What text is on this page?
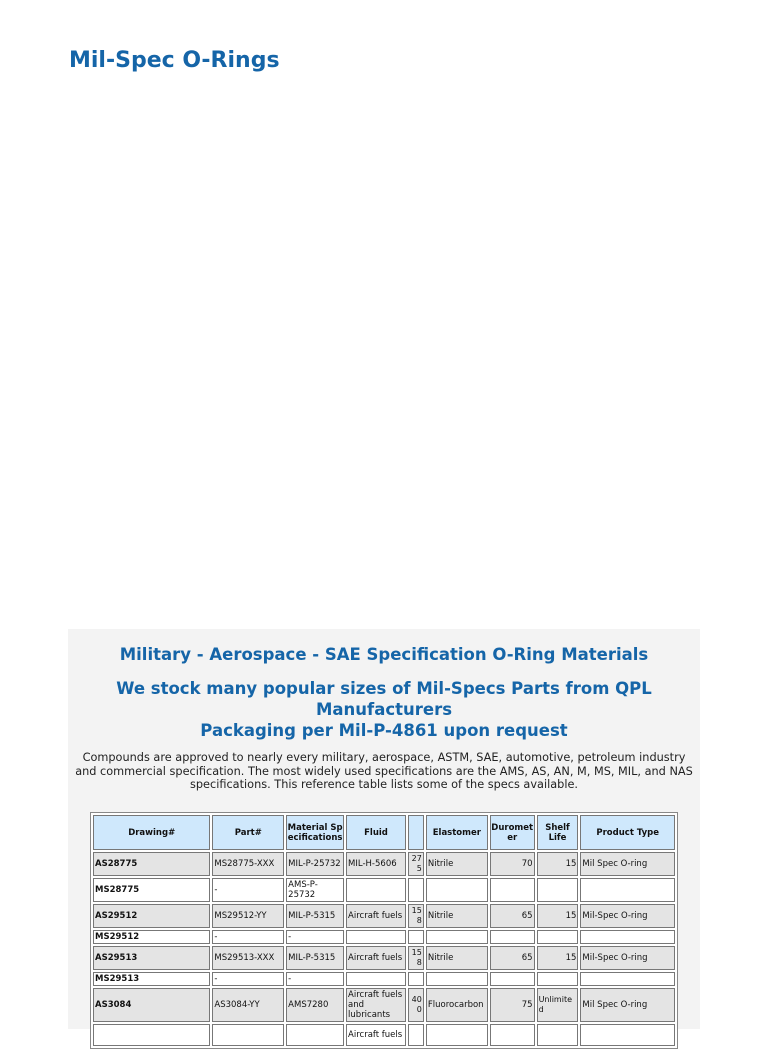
Mil-Spec O-Rings
Military - Aerospace - SAE Specification O-Ring Materials
We stock many popular sizes of Mil-Specs Parts from QPL Manufacturers
Packaging per Mil-P-4861 upon request

Compounds are approved to nearly every military, aerospace, ASTM, SAE, automotive, petroleum industry and commercial specification. The most widely used specifications are the AMS, AS, AN, M, MS, MIL, and NAS specifications. This reference table lists some of the specs available.

Drawing#	Part#	Material Specifications	Fluid		Elastomer	Durometer	Shelf Life	Product Type
AS28775	MS28775-XXX	MIL-P-25732	MIL-H-5606	275	Nitrile	70	15	Mil Spec O-ring
MS28775	-	AMS-P-25732						
AS29512	MS29512-YY	MIL-P-5315	Aircraft fuels	158	Nitrile	65	15	Mil-Spec O-ring
MS29512	-	-						
AS29513	MS29513-XXX	MIL-P-5315	Aircraft fuels	158	Nitrile	65	15	Mil-Spec O-ring
MS29513	-	-						
AS3084	AS3084-YY	AMS7280	Aircraft fuels and lubricants	400	Fluorocarbon	75	Unlimited	Mil Spec O-ring
			Aircraft fuels					
